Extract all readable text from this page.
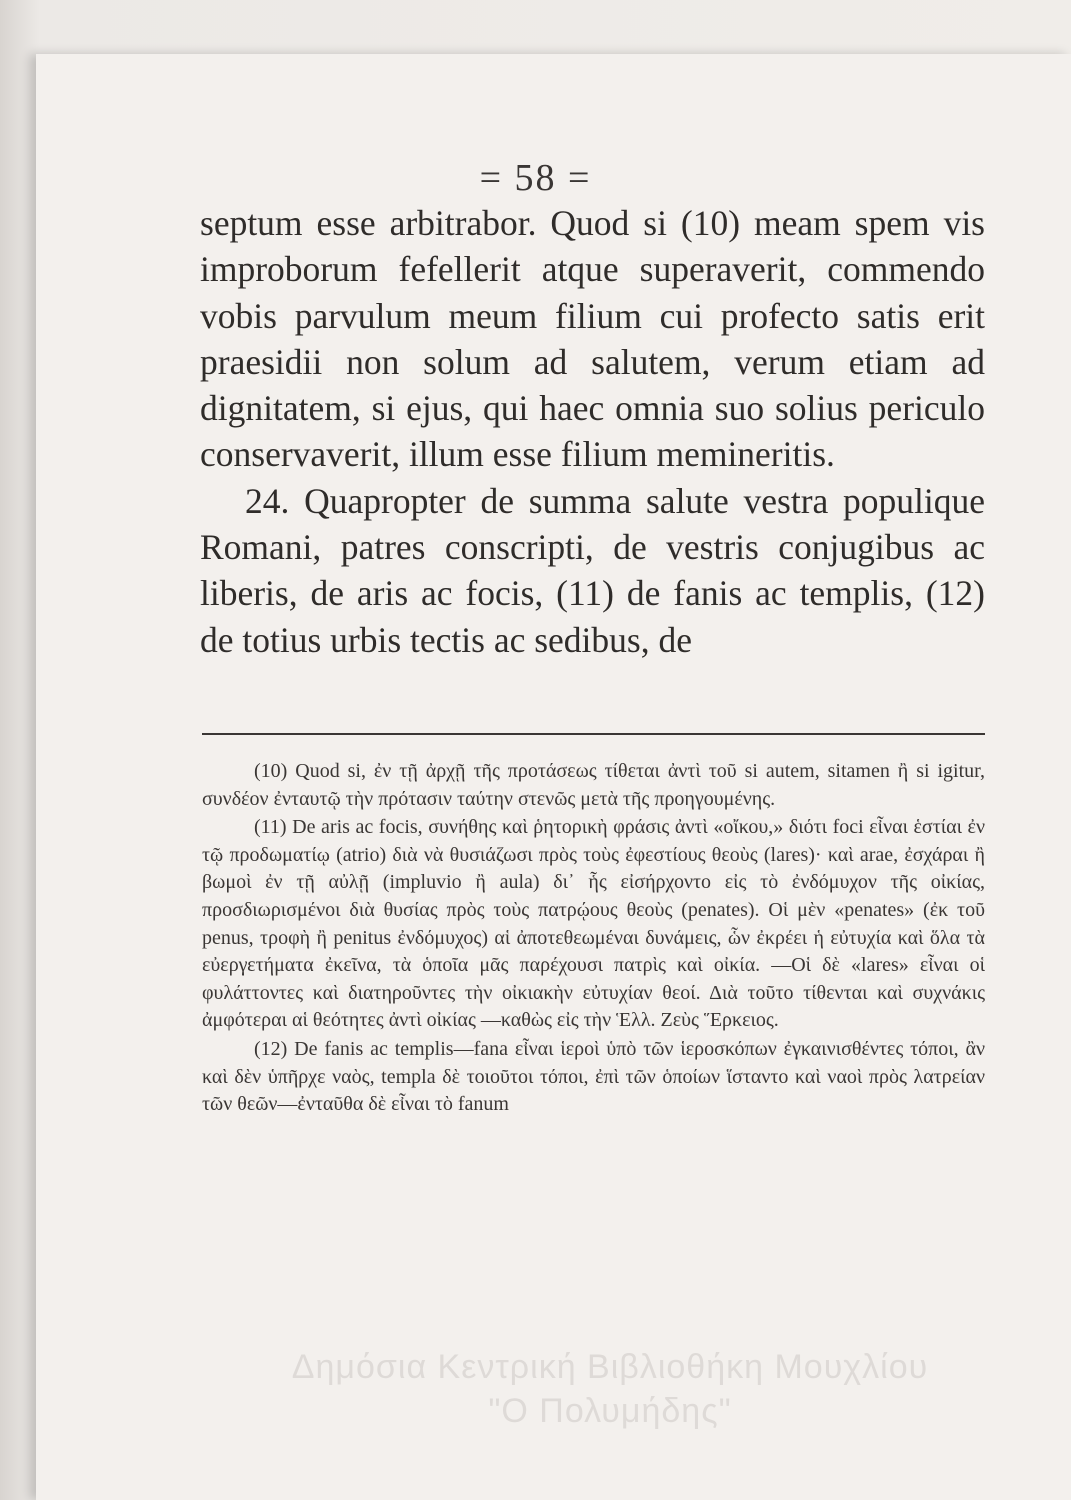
= 58 =

septum esse arbitrabor. Quod si (10) meam spem vis improborum fefellerit atque superaverit, commendo vobis parvulum meum filium cui profecto satis erit praesidii non solum ad salutem, verum etiam ad dignitatem, si ejus, qui haec omnia suo solius periculo conservaverit, illum esse filium memineritis.

24. Quapropter de summa salute vestra populique Romani, patres conscripti, de vestris conjugibus ac liberis, de aris ac focis, (11) de fanis ac templis, (12) de totius urbis tectis ac sedibus, de

(10) Quod si, ἐν τῇ ἀρχῇ τῆς προτάσεως τίθεται ἀντὶ τοῦ si autem, sitamen ἢ si igitur, συνδέον ἐνταυτῷ τὴν πρότασιν ταύτην στενῶς μετὰ τῆς προηγουμένης.

(11) De aris ac focis, συνήθης καὶ ῥητορικὴ φράσις ἀντὶ «οἴκου,» διότι foci εἶναι ἑστίαι ἐν τῷ προδωματίῳ (atrio) διὰ νὰ θυσιάζωσι πρὸς τοὺς ἐφεστίους θεοὺς (lares)· καὶ arae, ἐσχάραι ἢ βωμοὶ ἐν τῇ αὐλῇ (impluvio ἢ aula) δι᾽ ἧς εἰσήρχοντο εἰς τὸ ἐνδόμυχον τῆς οἰκίας, προσδιωρισμένοι διὰ θυσίας πρὸς τοὺς πατρῴους θεοὺς (penates). Οἱ μὲν «penates» (ἐκ τοῦ penus, τροφὴ ἢ penitus ἐνδόμυχος) αἱ ἀποτεθεωμέναι δυνάμεις, ὧν ἐκρέει ἡ εὐτυχία καὶ ὅλα τὰ εὐεργετήματα ἐκεῖνα, τὰ ὁποῖα μᾶς παρέχουσι πατρὶς καὶ οἰκία. —Οἱ δὲ «lares» εἶναι οἱ φυλάττοντες καὶ διατηροῦντες τὴν οἰκιακὴν εὐτυχίαν θεοί. Διὰ τοῦτο τίθενται καὶ συχνάκις ἀμφότεραι αἱ θεότητες ἀντὶ οἰκίας —καθὼς εἰς τὴν Ἑλλ. Ζεὺς Ἕρκειος.

(12) De fanis ac templis—fana εἶναι ἱεροὶ ὑπὸ τῶν ἱεροσκόπων ἐγκαινισθέντες τόποι, ἂν καὶ δὲν ὑπῆρχε ναὸς, templa δὲ τοιοῦτοι τόποι, ἐπὶ τῶν ὁποίων ἵσταντο καὶ ναοὶ πρὸς λατρείαν τῶν θεῶν—ἐνταῦθα δὲ εἶναι τὸ fanum

Δημόσια Κεντρική Βιβλιοθήκη Μουχλίου
"Ο Πολυμήδης"
